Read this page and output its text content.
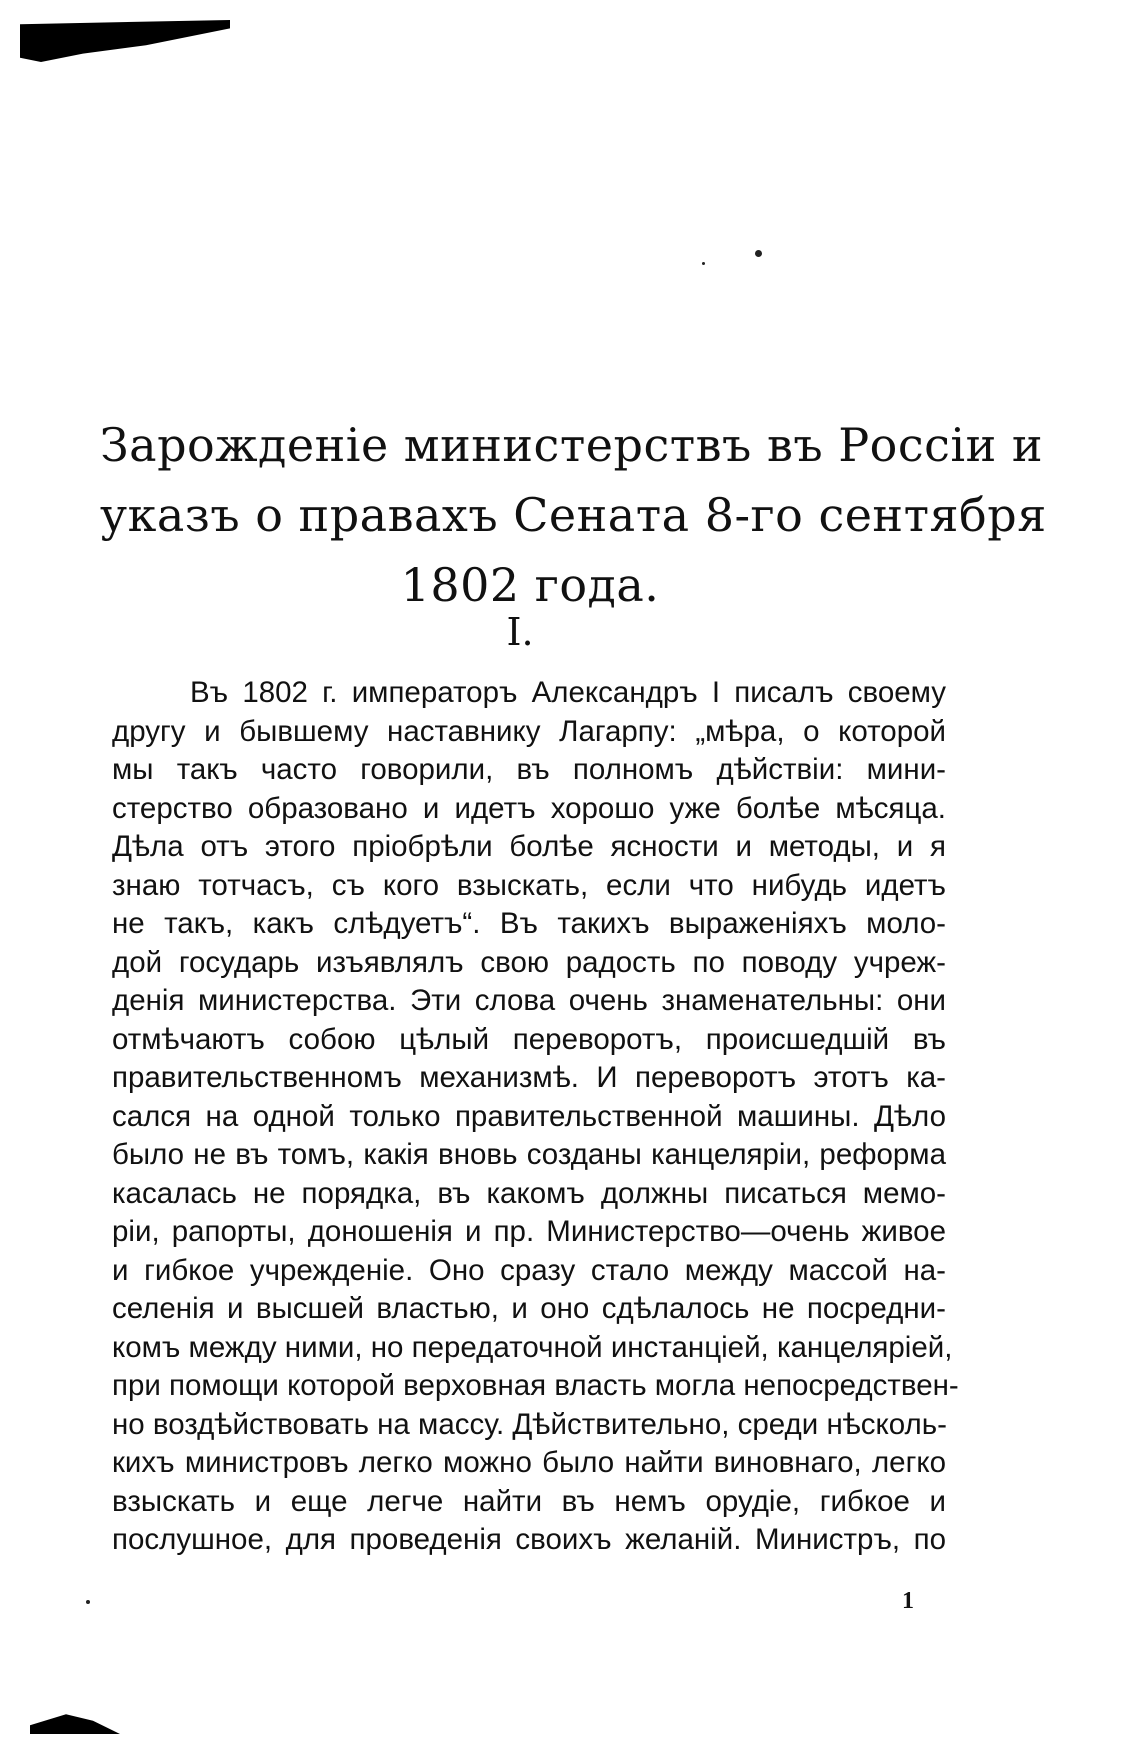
Зарожденіе министерствъ въ Россіи и
указъ о правахъ Сената 8-го сентября
1802 года.
I.
Въ 1802 г. императоръ Александръ I писалъ своему
другу и бывшему наставнику Лагарпу: „мѣра, о которой
мы такъ часто говорили, въ полномъ дѣйствіи: мини-
стерство образовано и идетъ хорошо уже болѣе мѣсяца.
Дѣла отъ этого пріобрѣли болѣе ясности и методы, и я
знаю тотчасъ, съ кого взыскать, если что нибудь идетъ
не такъ, какъ слѣдуетъ“. Въ такихъ выраженіяхъ моло-
дой государь изъявлялъ свою радость по поводу учреж-
денія министерства. Эти слова очень знаменательны: они
отмѣчаютъ собою цѣлый переворотъ, происшедшій въ
правительственномъ механизмѣ. И переворотъ этотъ ка-
сался на одной только правительственной машины. Дѣло
было не въ томъ, какія вновь созданы канцеляріи, реформа
касалась не порядка, въ какомъ должны писаться мемо-
ріи, рапорты, доношенія и пр. Министерство—очень живое
и гибкое учрежденіе. Оно сразу стало между массой на-
селенія и высшей властью, и оно сдѣлалось не посредни-
комъ между ними, но передаточной инстанціей, канцеляріей,
при помощи которой верховная власть могла непосредствен-
но воздѣйствовать на массу. Дѣйствительно, среди нѣсколь-
кихъ министровъ легко можно было найти виновнаго, легко
взыскать и еще легче найти въ немъ орудіе, гибкое и
послушное, для проведенія своихъ желаній. Министръ, по
1
